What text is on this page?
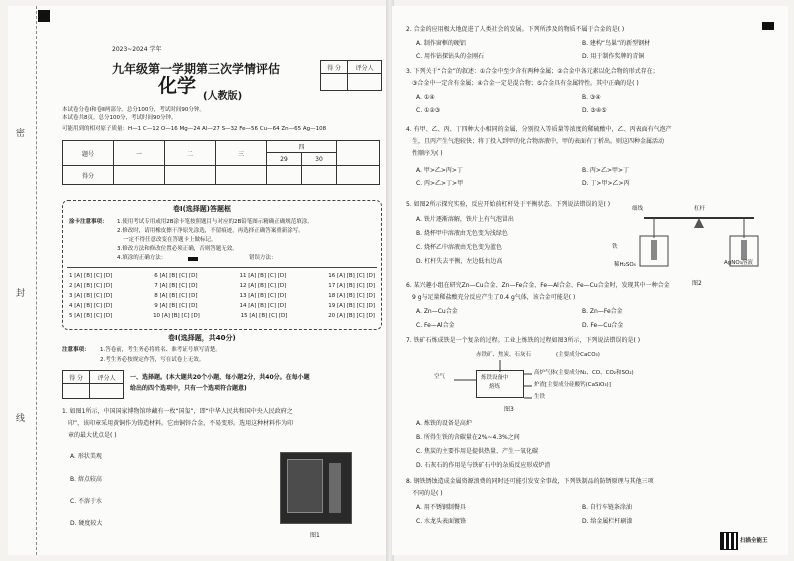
密
封
线
2023~2024 学年
九年级第一学期第三次学情评估	得 分	评分人

化学 (人教版)
本试卷分卷Ⅰ和卷Ⅱ两部分。总分100分，考试时间90分钟。
本试卷共8页。总分100分，考试时间90分钟。
可能用到的相对原子质量：H—1 C—12 O—16 Mg—24 Al—27 S—32 Fe—56 Cu—64 Zn—65 Ag—108
题号	一	二	三	四		
				29	30	
得分						
卷Ⅰ(选择题)答题框
涂卡注意事项： 1.使用考试专用或用2B涂卡笔按照题目与对应的2B铅笔图示精确正确规范填涂。
2.修改时，请用橡皮擦干净原先涂选，不留痕迹，再选择正确答案重新涂写。
一定不得任意改变在答题卡上做标记。
3.修改方法和修改位置必须正确，否则答题无效。
4.填涂的正确方法：	错误方法：
1 [A] [B] [C] [D]	6 [A] [B] [C] [D]	11 [A] [B] [C] [D]	16 [A] [B] [C] [D]
2 [A] [B] [C] [D]	7 [A] [B] [C] [D]	12 [A] [B] [C] [D]	17 [A] [B] [C] [D]
3 [A] [B] [C] [D]	8 [A] [B] [C] [D]	13 [A] [B] [C] [D]	18 [A] [B] [C] [D]
4 [A] [B] [C] [D]	9 [A] [B] [C] [D]	14 [A] [B] [C] [D]	19 [A] [B] [C] [D]
5 [A] [B] [C] [D]	10 [A] [B] [C] [D]	15 [A] [B] [C] [D]	20 [A] [B] [C] [D]
卷Ⅰ(选择题，共40分)
注意事项： 1.答卷前，考生务必将姓名、准考证号填写清楚。
2.考生务必按规定作答，写在试卷上无效。
得 分	评分人
	一、选择题。(本大题共20个小题，每小题2分，共40分。在每小题
给出的四个选项中，只有一个选项符合题意)
1. 如图1所示，中国国家博物馆珍藏有一枚“国玺”，即“中华人民共和国中央人民政府之
印”，该印章采用黄铜作为铸造材料。它由铜锌合金，不易变形。选用这种材料作为印
章的最大优点是( )
A. 形状美观
B. 熔点较高
C. 不溶于水
D. 硬度较大
图1
2. 合金的应用极大地促进了人类社会的发展。下列所涉及的物质不属于合金的是( )
A. 制作窗框的硬铝	B. 建构“鸟巢”的新型钢材
C. 用作钻探钻头的金刚石	D. 用于制作奖牌的青铜
3. 下列关于“合金”的叙述：①合金中至少含有两种金属；②合金中各元素以化合物的形式存在；
③合金中一定含有金属；④合金一定是混合物；⑤合金具有金属特性。其中正确的是( )
A. ①④	B. ③④
C. ①②③	D. ③④⑤
4. 有甲、乙、丙、丁四种大小相同的金属，分别投入等质量等浓度的稀硫酸中，乙、丙表面有气泡产
生，且丙产生气泡较快；将丁投入到甲的化合物溶液中，甲的表面有丁析出。则这四种金属活动
性顺序为( )
A. 甲>乙>丙>丁	B. 丙>乙>甲>丁
C. 丙>乙>丁>甲	D. 丁>甲>乙>丙
5. 如图2所示探究实验，反应开始前杠杆处于平衡状态。下列说法错误的是( )
A. 铁片逐渐溶解，铁片上有气泡冒出
B. 烧杯甲中溶液由无色变为浅绿色
C. 烧杯乙中溶液由无色变为蓝色
D. 杠杆失去平衡，左边低右边高
细线	杠杆
铁
稀H₂SO₄	AgNO₃溶液
图2
6. 某兴趣小组在研究Zn—Cu合金、Zn—Fe合金、Fe—Al合金、Fe—Cu合金时，发现其中一种合金
9 g与足量稀盐酸充分反应产生了0.4 g气体，该合金可能是( )
A. Zn—Cu合金	B. Zn—Fe合金
C. Fe—Al合金	D. Fe—Cu合金
7. 铁矿石炼成铁是一个复杂的过程。工业上炼铁的过程如图3所示，下列说法错误的是( )
赤铁矿、焦炭、石灰石	(主要成分CaCO₃)
空气	炼铁设备中
熔炼
高炉气体(主要成分N₂、CO、CO₂和SO₂)
炉渣[主要成分硅酸钙(CaSiO₃)]
生铁
图3
A. 炼铁的设备是高炉
B. 所得生铁的含碳量在2%~4.3%之间
C. 焦炭的主要作用是提供热量、产生一氧化碳
D. 石灰石的作用是与铁矿石中的杂质反应形成炉渣
8. 钢铁锈蚀造成金属资源浪费的同时还可能引发安全事故，下列铁制品的防锈原理与其他三项
不同的是( )
A. 用不锈钢制餐具	B. 自行车链条涂油
C. 水龙头表面镀铬	D. 给金属栏杆刷漆
扫描全能王
